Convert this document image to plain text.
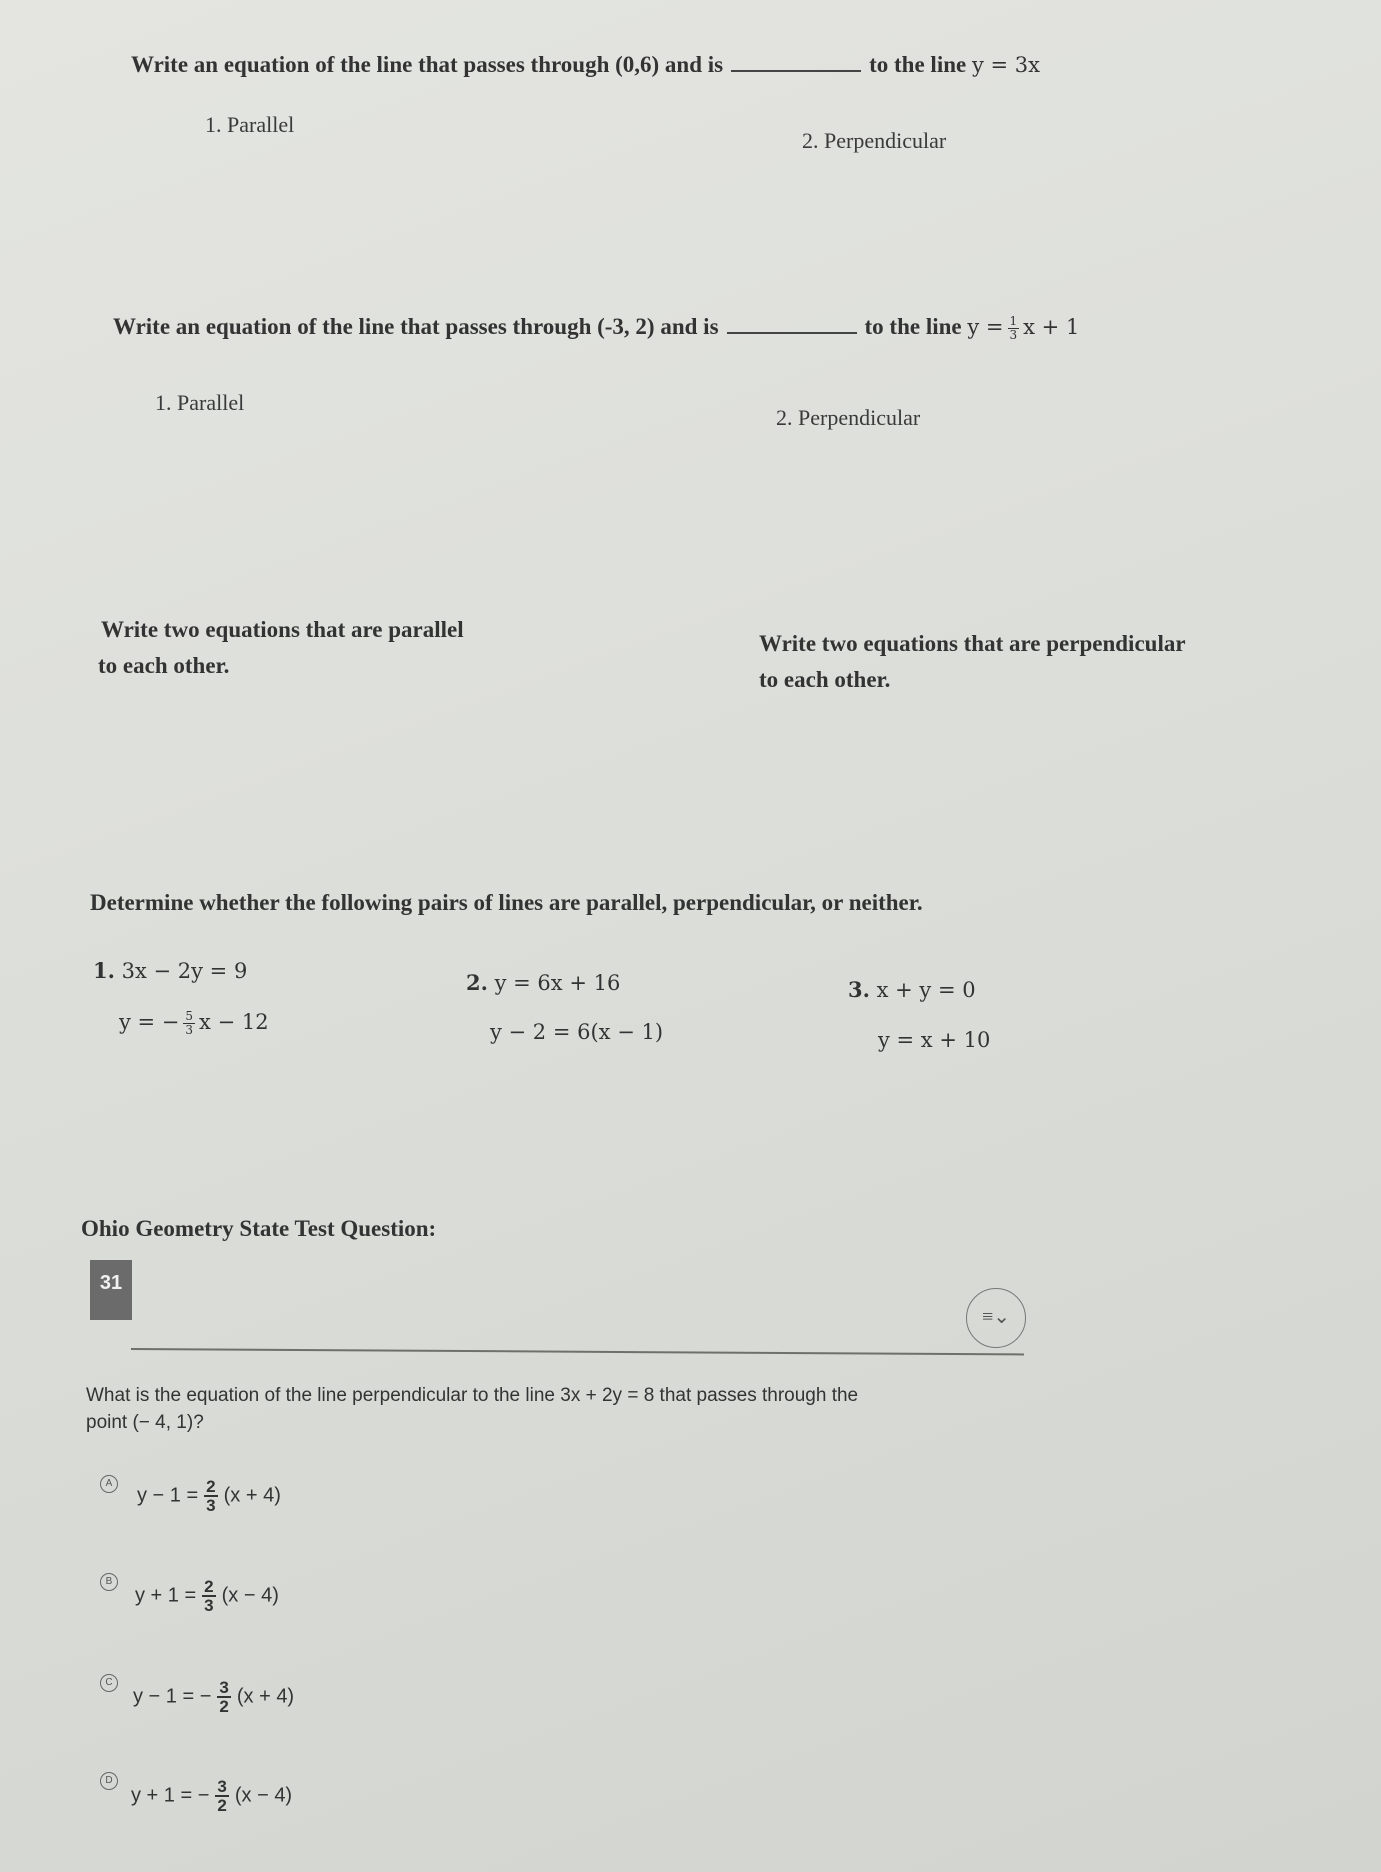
Write an equation of the line that passes through (0,6) and is	to the line y = 3x
1. Parallel
2. Perpendicular
Write an equation of the line that passes through (-3, 2) and is	to the line $y = \frac{1}{3}$ x + 1
1. Parallel
2. Perpendicular
Write two equations that are parallel
to each other.
Write two equations that are perpendicular
to each other.
Determine whether the following pairs of lines are parallel, perpendicular, or neither.
1. 3x − 2y = 9
y = − $\frac{5}{3}$ x − 12
2. y = 6x + 16
y − 2 = 6(x − 1)
3. x + y = 0
y = x + 10
Ohio Geometry State Test Question:
31
≡⌄
What is the equation of the line perpendicular to the line 3x + 2y = 8 that passes through the
point (− 4, 1)?
A
$y - 1 = \frac{2}{3} (x + 4)$
B
$y + 1 = \frac{2}{3} (x - 4)$
C
y − 1 = − $\frac{3}{2} (x + 4)$
D
y + 1 = − $\frac{3}{2} (x - 4)$
